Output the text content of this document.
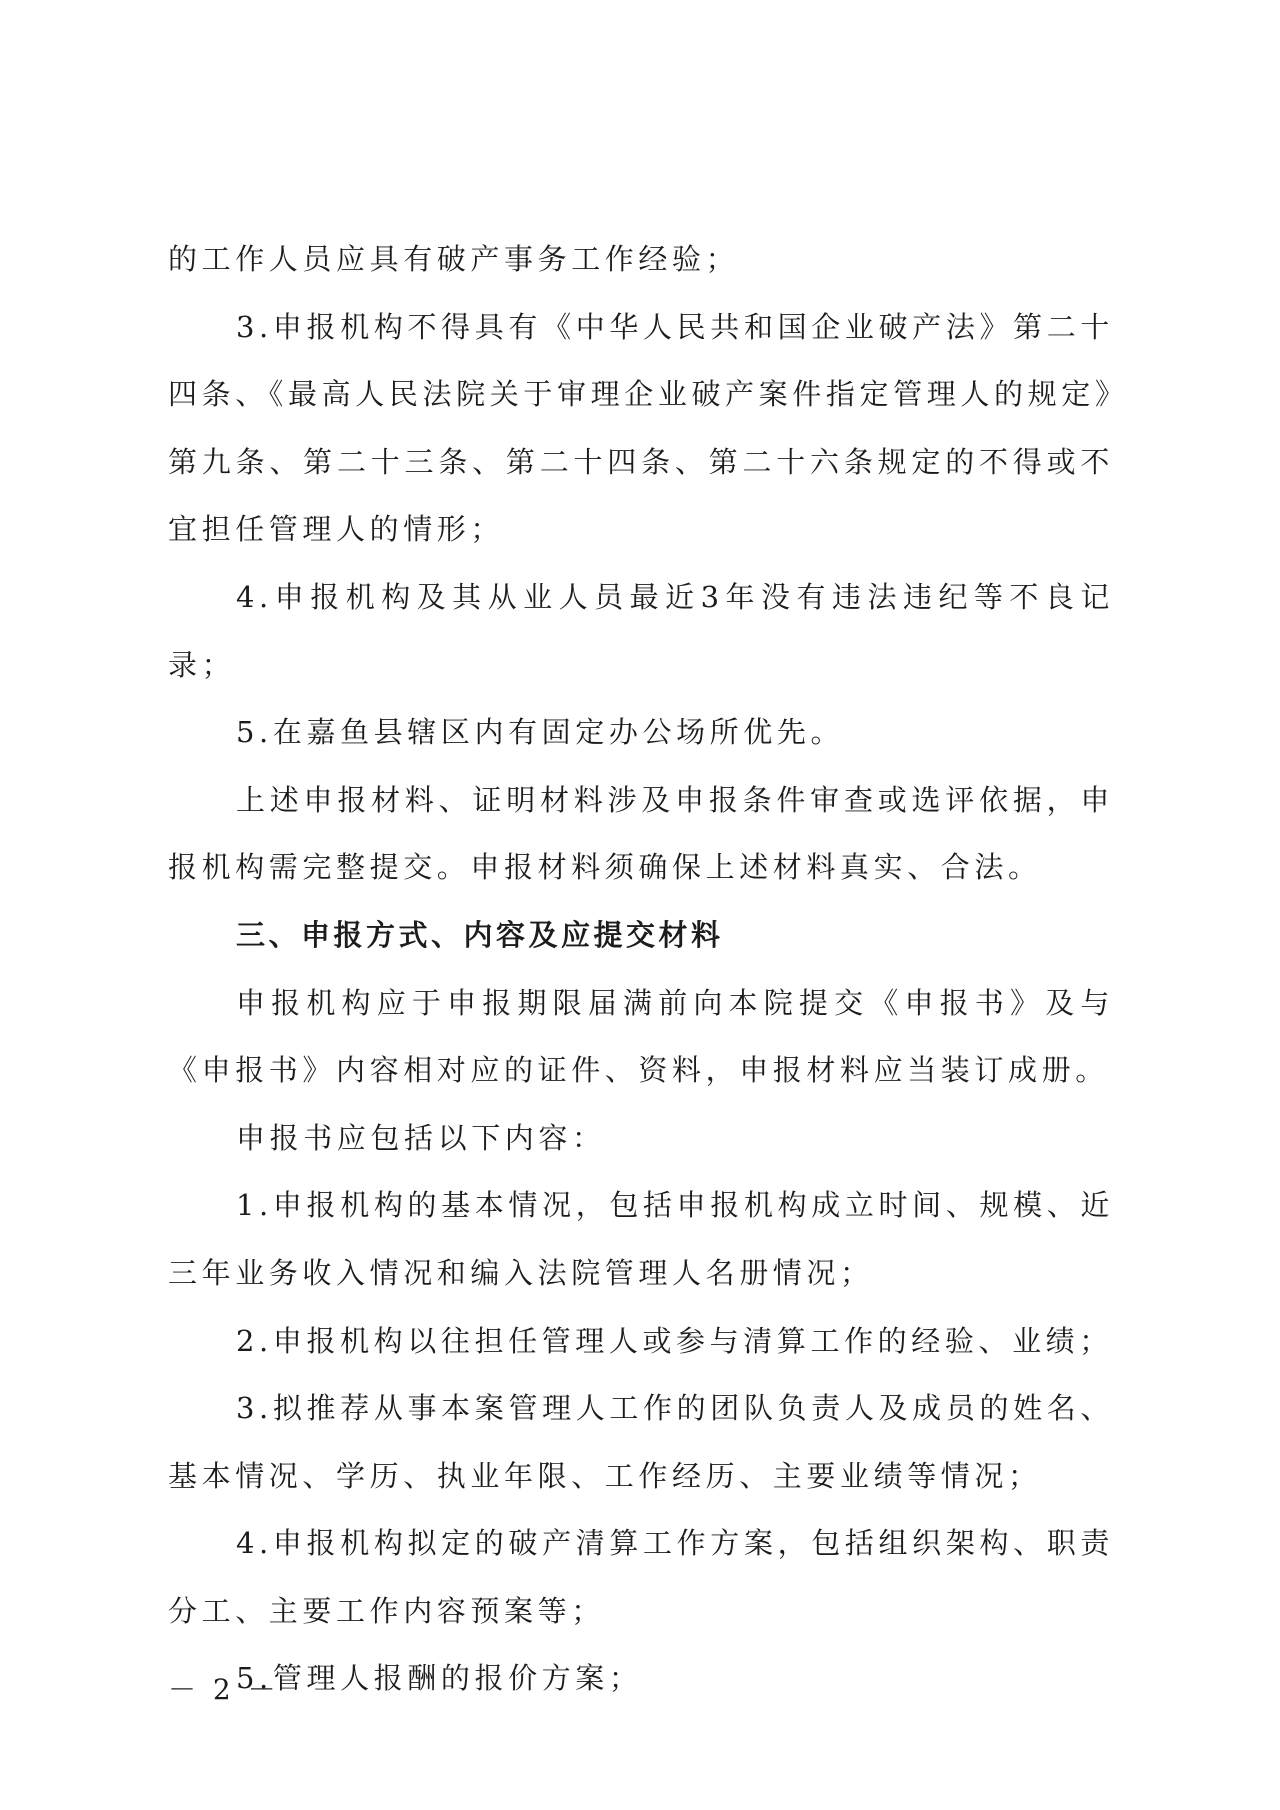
的工作人员应具有破产事务工作经验；

3.申报机构不得具有《中华人民共和国企业破产法》第二十四条、《最高人民法院关于审理企业破产案件指定管理人的规定》第九条、第二十三条、第二十四条、第二十六条规定的不得或不宜担任管理人的情形；

4.申报机构及其从业人员最近3年没有违法违纪等不良记录；

5.在嘉鱼县辖区内有固定办公场所优先。

上述申报材料、证明材料涉及申报条件审查或选评依据，申报机构需完整提交。申报材料须确保上述材料真实、合法。

三、申报方式、内容及应提交材料

申报机构应于申报期限届满前向本院提交《申报书》及与《申报书》内容相对应的证件、资料，申报材料应当装订成册。

申报书应包括以下内容：

1.申报机构的基本情况，包括申报机构成立时间、规模、近三年业务收入情况和编入法院管理人名册情况；

2.申报机构以往担任管理人或参与清算工作的经验、业绩；

3.拟推荐从事本案管理人工作的团队负责人及成员的姓名、基本情况、学历、执业年限、工作经历、主要业绩等情况；

4.申报机构拟定的破产清算工作方案，包括组织架构、职责分工、主要工作内容预案等；

5.管理人报酬的报价方案；

－ 2 －
